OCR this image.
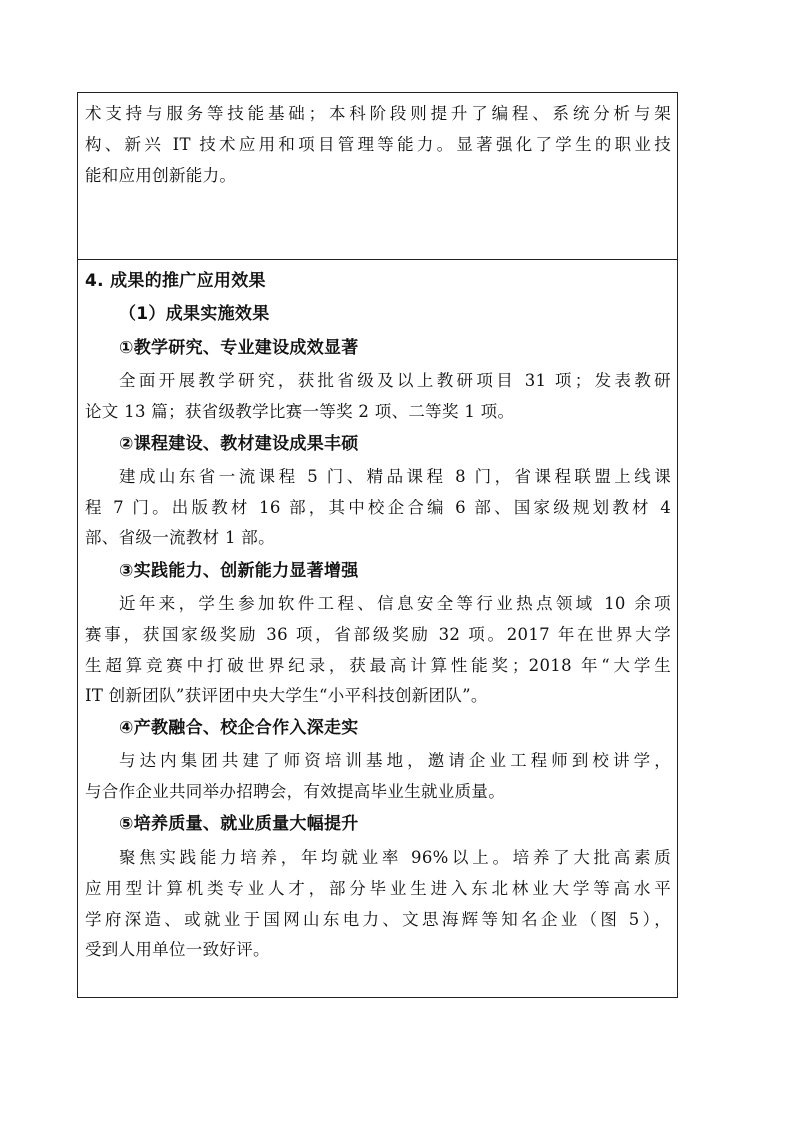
术支持与服务等技能基础；本科阶段则提升了编程、系统分析与架
构、新兴 IT 技术应用和项目管理等能力。显著强化了学生的职业技
能和应用创新能力。
4. 成果的推广应用效果
（1）成果实施效果
①教学研究、专业建设成效显著
全面开展教学研究，获批省级及以上教研项目 31 项；发表教研
论文 13 篇；获省级教学比赛一等奖 2 项、二等奖 1 项。
②课程建设、教材建设成果丰硕
建成山东省一流课程 5 门、精品课程 8 门，省课程联盟上线课
程 7 门。出版教材 16 部，其中校企合编 6 部、国家级规划教材 4
部、省级一流教材 1 部。
③实践能力、创新能力显著增强
近年来，学生参加软件工程、信息安全等行业热点领域 10 余项
赛事，获国家级奖励 36 项，省部级奖励 32 项。2017 年在世界大学
生超算竞赛中打破世界纪录，获最高计算性能奖；2018 年“大学生
IT 创新团队”获评团中央大学生“小平科技创新团队”。
④产教融合、校企合作入深走实
与达内集团共建了师资培训基地，邀请企业工程师到校讲学，
与合作企业共同举办招聘会，有效提高毕业生就业质量。
⑤培养质量、就业质量大幅提升
聚焦实践能力培养，年均就业率 96%以上。培养了大批高素质
应用型计算机类专业人才，部分毕业生进入东北林业大学等高水平
学府深造、或就业于国网山东电力、文思海辉等知名企业（图 5），
受到人用单位一致好评。
